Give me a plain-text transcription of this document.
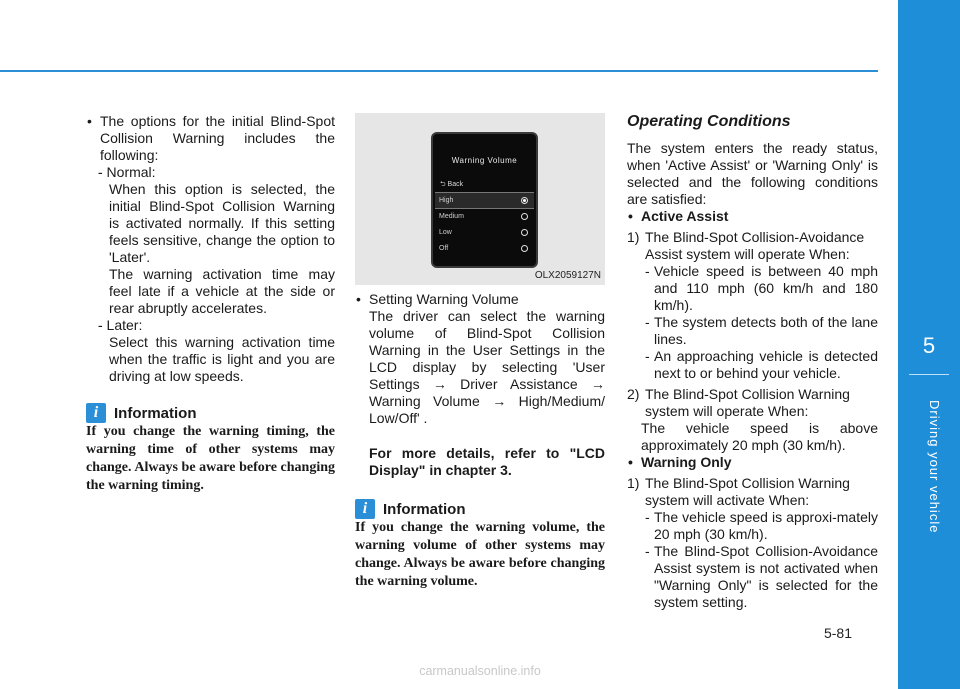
5
Driving your vehicle

• The options for the initial Blind-Spot Collision Warning includes the following:

- - Normal:

When this option is selected, the initial Blind-Spot Collision Warning is activated normally. If this setting feels sensitive, change the option to 'Later'.

The warning activation time may feel late if a vehicle at the side or rear abruptly accelerates.

- - Later:

Select this warning activation time when the traffic is light and you are driving at low speeds.

i	Information

If you change the warning timing, the warning time of other systems may change. Always be aware before changing the warning timing.

Warning Volume
⮌ Back
High
Medium
Low
Off
OLX2059127N

• Setting Warning Volume

The driver can select the warning volume of Blind-Spot Collision Warning in the User Settings in the LCD display by selecting 'User Settings → Driver Assistance → Warning Volume → High/Medium/ Low/Off' .

For more details, refer to "LCD Display" in chapter 3.

i	Information

If you change the warning volume, the warning volume of other systems may change. Always be aware before changing the warning volume.

Operating Conditions

The system enters the ready status, when 'Active Assist' or 'Warning Only' is selected and the following conditions are satisfied:

• Active Assist

1) The Blind-Spot Collision-Avoidance Assist system will operate When:

- Vehicle speed is between 40 mph and 110 mph (60 km/h and 180 km/h).

- The system detects both of the lane lines.

- An approaching vehicle is detected next to or behind your vehicle.

2) The Blind-Spot Collision Warning system will operate When:

The vehicle speed is above approximately 20 mph (30 km/h).

• Warning Only

1) The Blind-Spot Collision Warning system will activate When:

- The vehicle speed is approxi-mately 20 mph (30 km/h).

- The Blind-Spot Collision-Avoidance Assist system is not activated when "Warning Only" is selected for the system setting.

5-81
carmanualsonline.info
